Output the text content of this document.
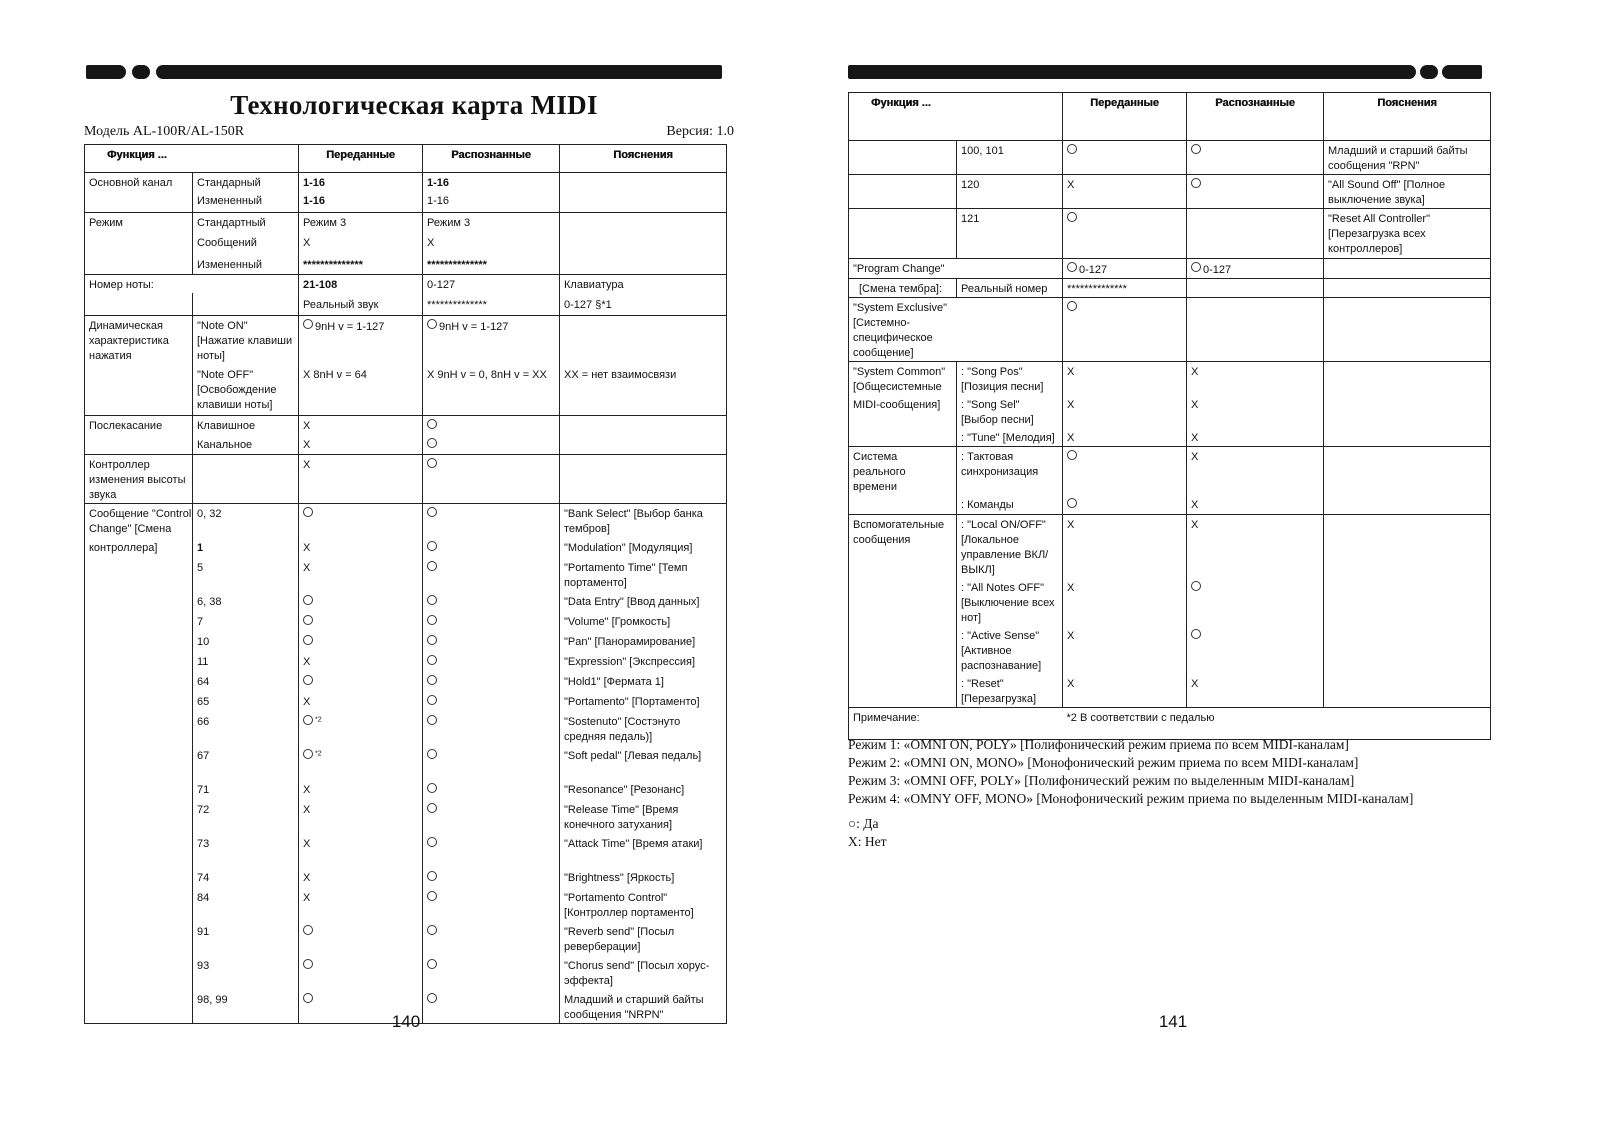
Технологическая карта MIDI
Модель AL-100R/AL-150R	Версия: 1.0
Функция ...		Переданные	Распознанные	Пояснения
Основной канал	Стандарный	1-16	1-16	
	Измененный	1-16	1-16	
Режим	Стандартный	Режим 3	Режим 3	
	Сообщений	X	X	
	Измененный	**************	**************	
Номер ноты:		21-108	0-127	Клавиатура
		Реальный звук	**************	0-127 §*1
Динамическая характеристика нажатия	"Note ON" [Нажатие клавиши ноты]	9nH v = 1-127	9nH v = 1-127	
	"Note OFF" [Освобождение клавиши ноты]	X 8nH v = 64	X 9nH v = 0, 8nH v = XX	XX = нет взаимосвязи
Послекасание	Клавишное	X		
	Канальное	X		
Контроллер изменения высоты звука		X		
Сообщение "Control Change" [Смена	0, 32			"Bank Select" [Выбор банка тембров]
контроллера]	1	X		"Modulation" [Модуляция]
	5	X		"Portamento Time" [Темп портаменто]
	6, 38			"Data Entry" [Ввод данных]
	7			"Volume" [Громкость]
	10			"Pan" [Панорамирование]
	11	X		"Expression" [Экспрессия]
	64			"Hold1" [Фермата 1]
	65	X		"Portamento" [Портаменто]
	66	$^{*2}$		"Sostenuto" [Состэнуто средняя педаль)]
	67	$^{*2}$		"Soft pedal" [Левая педаль]
	71	X		"Resonance" [Резонанс]
	72	X		"Release Time" [Время конечного затухания]
	73	X		"Attack Time" [Время атаки]
	74	X		"Brightness" [Яркость]
	84	X		"Portamento Control" [Контроллер портаменто]
	91			"Reverb send" [Посыл реверберации]
	93			"Chorus send" [Посыл хорус-эффекта]
	98, 99			Младший и старший байты сообщения "NRPN"
140
Функция ...		Переданные	Распознанные	Пояснения
	100, 101			Младший и старший байты сообщения "RPN"
	120	X		"All Sound Off" [Полное выключение звука]
	121			"Reset All Controller" [Перезагрузка всех контроллеров]
"Program Change"		0-127	0-127	
[Смена тембра]:	Реальный номер	**************		
"System Exclusive" [Системно-специфическое сообщение]				
"System Common" [Общесистемные	: "Song Pos" [Позиция песни]	X	X	
MIDI-сообщения]	: "Song Sel" [Выбор песни]	X	X	
	: "Tune" [Мелодия]	X	X	
Система реального времени	: Тактовая синхронизация		X	
	: Команды		X	
Вспомогательные сообщения	: "Local ON/OFF" [Локальное управление ВКЛ/ВЫКЛ]	X	X	
	: "All Notes OFF" [Выключение всех нот]	X		
	: "Active Sense" [Активное распознавание]	X		
	: "Reset" [Перезагрузка]	X	X	
Примечание:		*2 В соответствии с педалью		
Режим 1: «OMNI ON, POLY» [Полифонический режим приема по всем MIDI-каналам]
Режим 2: «OMNI ON, MONO» [Монофонический режим приема по всем MIDI-каналам]
Режим 3: «OMNI OFF, POLY» [Полифонический режим по выделенным MIDI-каналам]
Режим 4: «OMNY OFF, MONO» [Монофонический режим приема по выделенным MIDI-каналам]
○: Да
X: Нет
141
